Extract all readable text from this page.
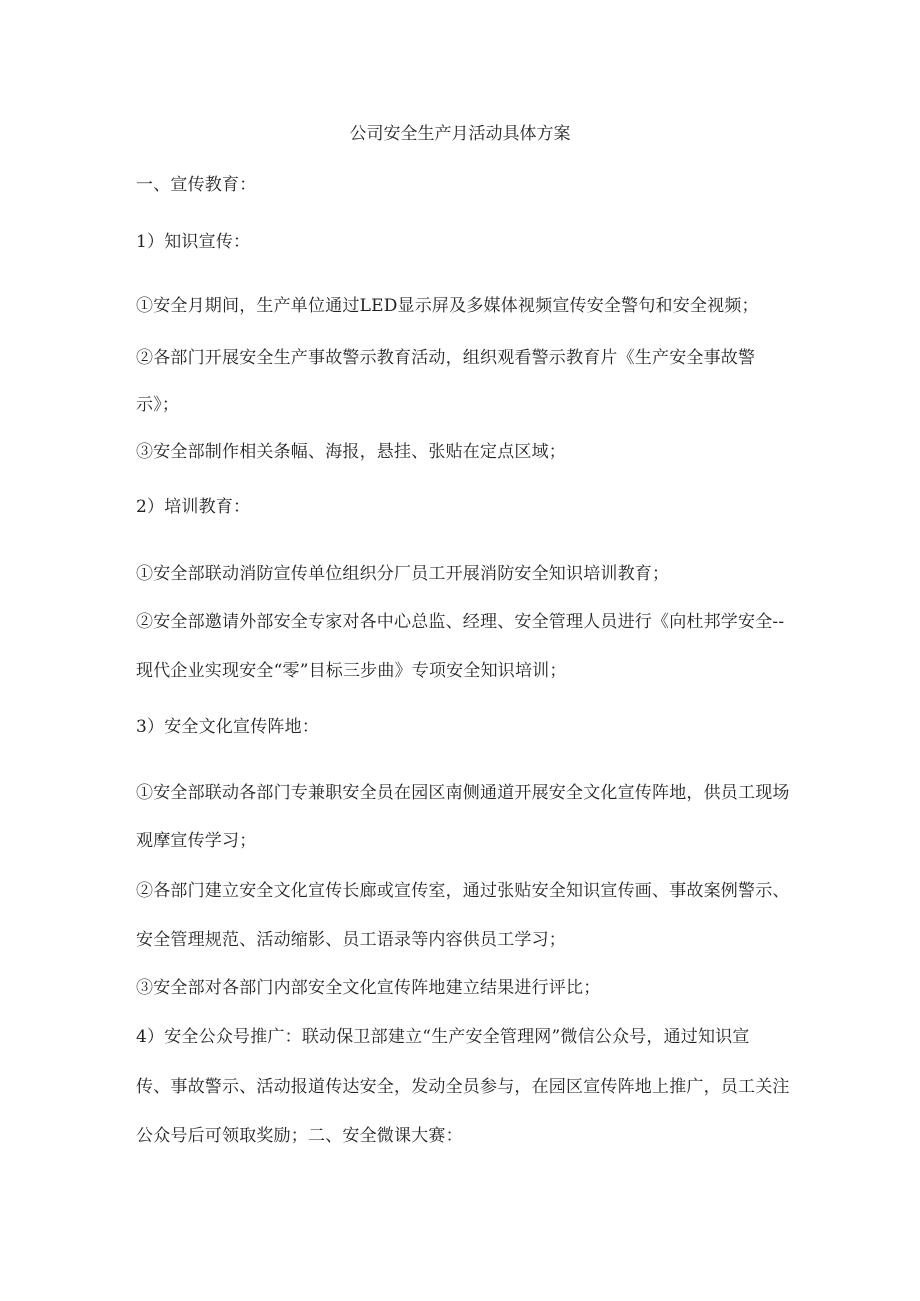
公司安全生产月活动具体方案
一、宣传教育：
1）知识宣传：
①安全月期间，生产单位通过LED显示屏及多媒体视频宣传安全警句和安全视频；
②各部门开展安全生产事故警示教育活动，组织观看警示教育片《生产安全事故警
示》；
③安全部制作相关条幅、海报，悬挂、张贴在定点区域；
2）培训教育：
①安全部联动消防宣传单位组织分厂员工开展消防安全知识培训教育；
②安全部邀请外部安全专家对各中心总监、经理、安全管理人员进行《向杜邦学安全--
现代企业实现安全“零”目标三步曲》专项安全知识培训；
3）安全文化宣传阵地：
①安全部联动各部门专兼职安全员在园区南侧通道开展安全文化宣传阵地，供员工现场
观摩宣传学习；
②各部门建立安全文化宣传长廊或宣传室，通过张贴安全知识宣传画、事故案例警示、
安全管理规范、活动缩影、员工语录等内容供员工学习；
③安全部对各部门内部安全文化宣传阵地建立结果进行评比；
4）安全公众号推广：联动保卫部建立“生产安全管理网”微信公众号，通过知识宣
传、事故警示、活动报道传达安全，发动全员参与，在园区宣传阵地上推广，员工关注
公众号后可领取奖励；二、安全微课大赛：
